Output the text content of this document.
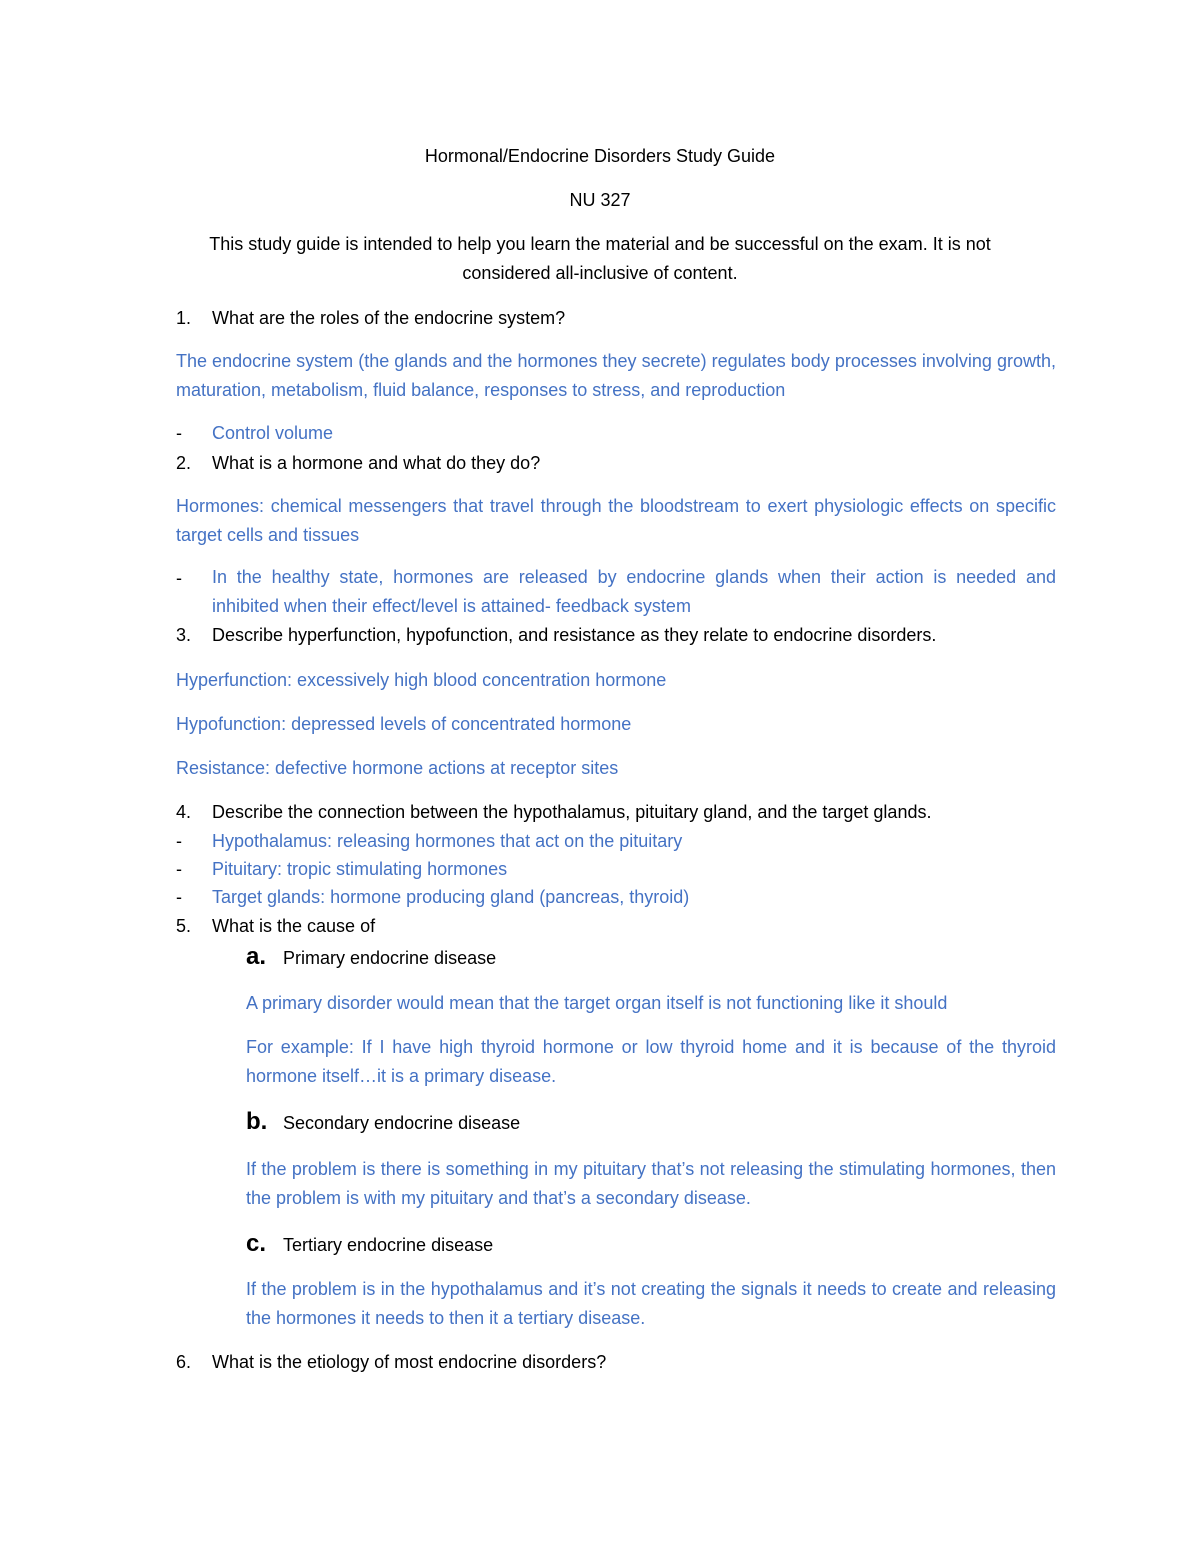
Hormonal/Endocrine Disorders Study Guide
NU 327
This study guide is intended to help you learn the material and be successful on the exam. It is not
considered all-inclusive of content.
1. What are the roles of the endocrine system?
The endocrine system (the glands and the hormones they secrete) regulates body processes involving growth, maturation, metabolism, fluid balance, responses to stress, and reproduction
- Control volume
2. What is a hormone and what do they do?
Hormones: chemical messengers that travel through the bloodstream to exert physiologic effects on specific target cells and tissues
- In the healthy state, hormones are released by endocrine glands when their action is needed and inhibited when their effect/level is attained- feedback system
3. Describe hyperfunction, hypofunction, and resistance as they relate to endocrine disorders.
Hyperfunction: excessively high blood concentration hormone
Hypofunction: depressed levels of concentrated hormone
Resistance: defective hormone actions at receptor sites
4. Describe the connection between the hypothalamus, pituitary gland, and the target glands.
- Hypothalamus: releasing hormones that act on the pituitary
- Pituitary: tropic stimulating hormones
- Target glands: hormone producing gland (pancreas, thyroid)
5. What is the cause of
a. Primary endocrine disease
A primary disorder would mean that the target organ itself is not functioning like it should
For example: If I have high thyroid hormone or low thyroid home and it is because of the thyroid hormone itself…it is a primary disease.
b. Secondary endocrine disease
If the problem is there is something in my pituitary that’s not releasing the stimulating hormones, then the problem is with my pituitary and that’s a secondary disease.
c. Tertiary endocrine disease
If the problem is in the hypothalamus and it’s not creating the signals it needs to create and releasing the hormones it needs to then it a tertiary disease.
6. What is the etiology of most endocrine disorders?
